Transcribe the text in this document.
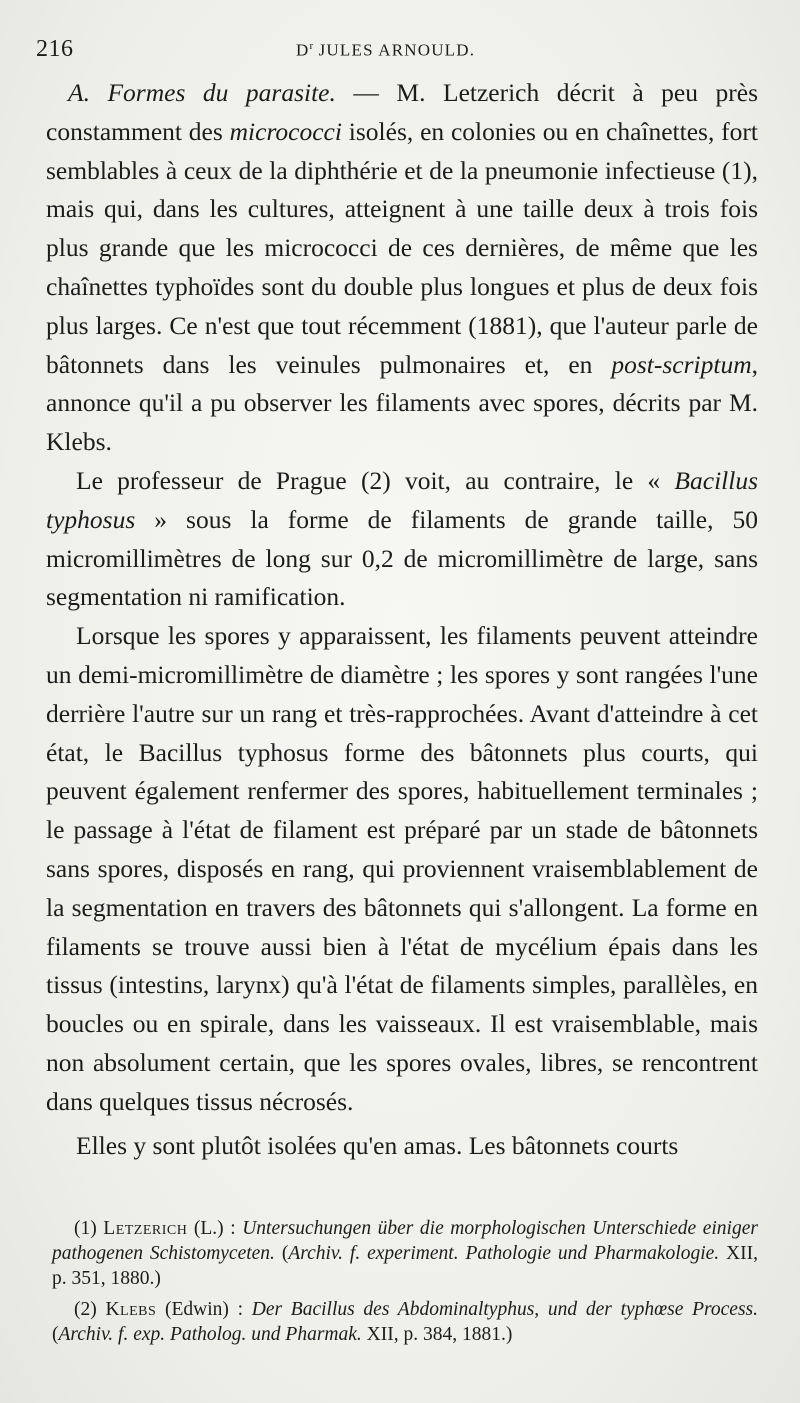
216	$D^r$ JULES ARNOULD.

A. Formes du parasite. — M. Letzerich décrit à peu près constamment des micrococci isolés, en colonies ou en chaînettes, fort semblables à ceux de la diphthérie et de la pneumonie infectieuse (1), mais qui, dans les cultures, atteignent à une taille deux à trois fois plus grande que les micrococci de ces dernières, de même que les chaînettes typhoïdes sont du double plus longues et plus de deux fois plus larges. Ce n'est que tout récemment (1881), que l'auteur parle de bâtonnets dans les veinules pulmonaires et, en post-scriptum, annonce qu'il a pu observer les filaments avec spores, décrits par M. Klebs.

Le professeur de Prague (2) voit, au contraire, le « Bacillus typhosus » sous la forme de filaments de grande taille, 50 micromillimètres de long sur 0,2 de micromillimètre de large, sans segmentation ni ramification.

Lorsque les spores y apparaissent, les filaments peuvent atteindre un demi-micromillimètre de diamètre ; les spores y sont rangées l'une derrière l'autre sur un rang et très-rapprochées. Avant d'atteindre à cet état, le Bacillus typhosus forme des bâtonnets plus courts, qui peuvent également renfermer des spores, habituellement terminales ; le passage à l'état de filament est préparé par un stade de bâtonnets sans spores, disposés en rang, qui proviennent vraisemblablement de la segmentation en travers des bâtonnets qui s'allongent. La forme en filaments se trouve aussi bien à l'état de mycélium épais dans les tissus (intestins, larynx) qu'à l'état de filaments simples, parallèles, en boucles ou en spirale, dans les vaisseaux. Il est vraisemblable, mais non absolument certain, que les spores ovales, libres, se rencontrent dans quelques tissus nécrosés.

Elles y sont plutôt isolées qu'en amas. Les bâtonnets courts

(1) Letzerich (L.) : Untersuchungen über die morphologischen Unterschiede einiger pathogenen Schistomyceten. (Archiv. f. experiment. Pathologie und Pharmakologie. XII, p. 351, 1880.)

(2) Klebs (Edwin) : Der Bacillus des Abdominaltyphus, und der typhœse Process. (Archiv. f. exp. Patholog. und Pharmak. XII, p. 384, 1881.)
